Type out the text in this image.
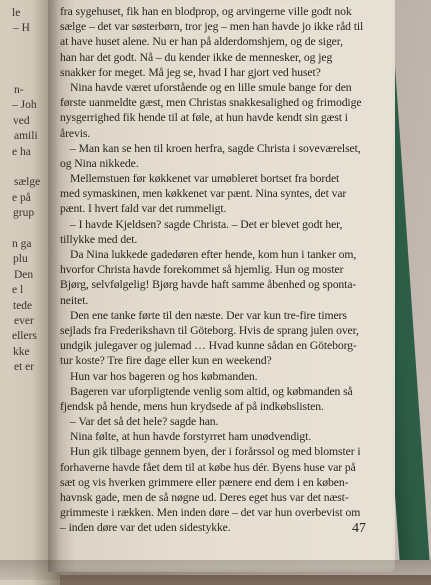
le
– H
n-
– Joh
ved
amili
e ha
sælge
e på
grup
n ga
plu
Den
e l
tede
ever
ellers
kke
et er
fra sygehuset, fik han en blodprop, og arvingerne ville godt nok
sælge – det var søsterbørn, tror jeg – men han havde jo ikke råd til
at have huset alene. Nu er han på alderdomshjem, og de siger,
han har det godt. Nå – du kender ikke de mennesker, og jeg
snakker for meget. Må jeg se, hvad I har gjort ved huset?
Nina havde været uforstående og en lille smule bange for den
første uanmeldte gæst, men Christas snakkesalighed og frimodige
nysgerrighed fik hende til at føle, at hun havde kendt sin gæst i
årevis.
– Man kan se hen til kroen herfra, sagde Christa i soveværelset,
og Nina nikkede.
Mellemstuen før køkkenet var umøbleret bortset fra bordet
med symaskinen, men køkkenet var pænt. Nina syntes, det var
pænt. I hvert fald var det rummeligt.
– I havde Kjeldsen? sagde Christa. – Det er blevet godt her,
tillykke med det.
Da Nina lukkede gadedøren efter hende, kom hun i tanker om,
hvorfor Christa havde forekommet så hjemlig. Hun og moster
Bjørg, selvfølgelig! Bjørg havde haft samme åbenhed og sponta-
neitet.
Den ene tanke førte til den næste. Der var kun tre-fire timers
sejlads fra Frederikshavn til Göteborg. Hvis de sprang julen over,
undgik julegaver og julemad … Hvad kunne sådan en Göteborg-
tur koste? Tre fire dage eller kun en weekend?
Hun var hos bageren og hos købmanden.
Bageren var uforpligtende venlig som altid, og købmanden så
fjendsk på hende, mens hun krydsede af på indkøbslisten.
– Var det så det hele? sagde han.
Nina følte, at hun havde forstyrret ham unødvendigt.
Hun gik tilbage gennem byen, der i forårssol og med blomster i
forhaverne havde fået dem til at købe hus dér. Byens huse var på
sæt og vis hverken grimmere eller pænere end dem i en køben-
havnsk gade, men de så nøgne ud. Deres eget hus var det næst-
grimmeste i rækken. Men inden døre – det var hun overbevist om
– inden døre var det uden sidestykke.	47
